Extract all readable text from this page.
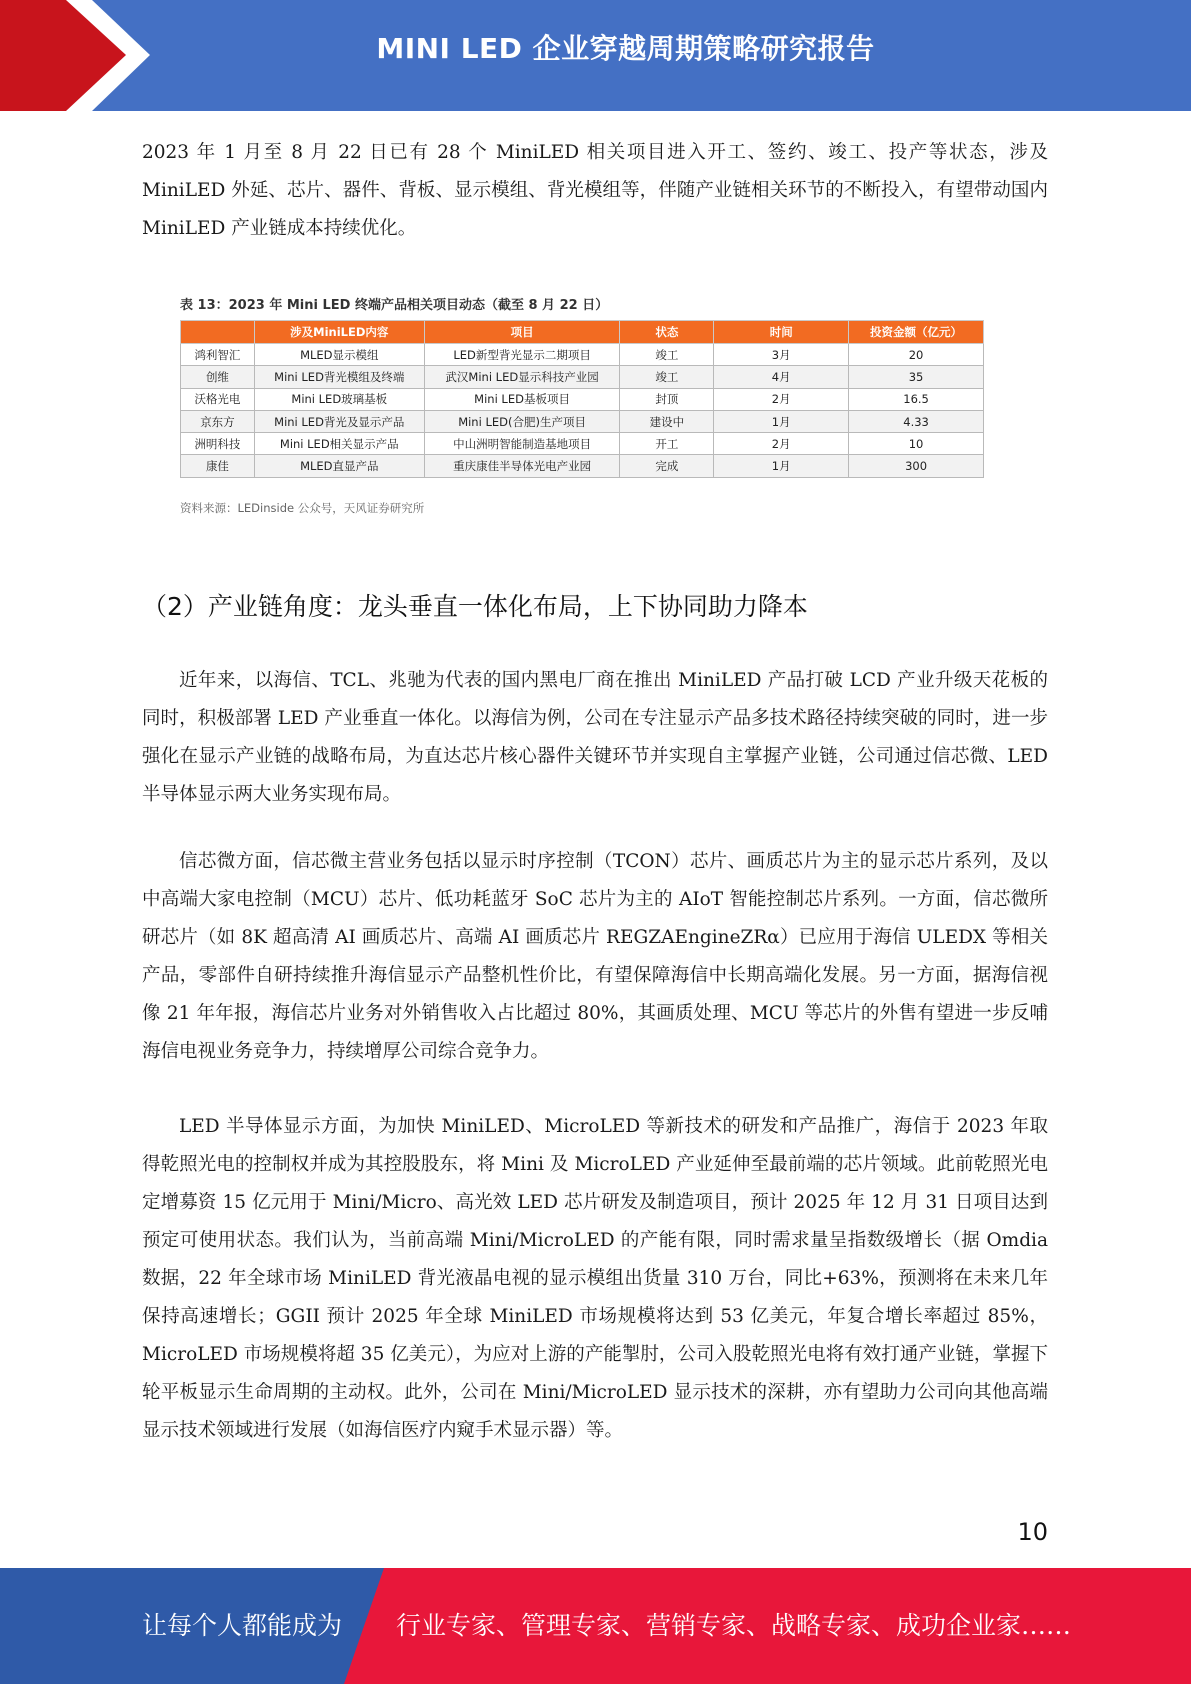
MINI LED 企业穿越周期策略研究报告

2023 年 1 月至 8 月 22 日已有 28 个 MiniLED 相关项目进入开工、签约、竣工、投产等状态，涉及 MiniLED 外延、芯片、器件、背板、显示模组、背光模组等，伴随产业链相关环节的不断投入，有望带动国内 MiniLED 产业链成本持续优化。

表 13：2023 年 Mini LED 终端产品相关项目动态（截至 8 月 22 日）
	涉及MiniLED内容	项目	状态	时间	投资金额（亿元）
鸿利智汇	MLED显示模组	LED新型背光显示二期项目	竣工	3月	20
创维	Mini LED背光模组及终端	武汉Mini LED显示科技产业园	竣工	4月	35
沃格光电	Mini LED玻璃基板	Mini LED基板项目	封顶	2月	16.5
京东方	Mini LED背光及显示产品	Mini LED(合肥)生产项目	建设中	1月	4.33
洲明科技	Mini LED相关显示产品	中山洲明智能制造基地项目	开工	2月	10
康佳	MLED直显产品	重庆康佳半导体光电产业园	完成	1月	300
资料来源：LEDinside 公众号，天风证券研究所
（2）产业链角度：龙头垂直一体化布局，上下协同助力降本

近年来，以海信、TCL、兆驰为代表的国内黑电厂商在推出 MiniLED 产品打破 LCD 产业升级天花板的同时，积极部署 LED 产业垂直一体化。以海信为例，公司在专注显示产品多技术路径持续突破的同时，进一步强化在显示产业链的战略布局，为直达芯片核心器件关键环节并实现自主掌握产业链，公司通过信芯微、LED 半导体显示两大业务实现布局。

信芯微方面，信芯微主营业务包括以显示时序控制（TCON）芯片、画质芯片为主的显示芯片系列，及以中高端大家电控制（MCU）芯片、低功耗蓝牙 SoC 芯片为主的 AIoT 智能控制芯片系列。一方面，信芯微所研芯片（如 8K 超高清 AI 画质芯片、高端 AI 画质芯片 REGZAEngineZRα）已应用于海信 ULEDX 等相关产品，零部件自研持续推升海信显示产品整机性价比，有望保障海信中长期高端化发展。另一方面，据海信视像 21 年年报，海信芯片业务对外销售收入占比超过 80%，其画质处理、MCU 等芯片的外售有望进一步反哺海信电视业务竞争力，持续增厚公司综合竞争力。

LED 半导体显示方面，为加快 MiniLED、MicroLED 等新技术的研发和产品推广，海信于 2023 年取得乾照光电的控制权并成为其控股股东，将 Mini 及 MicroLED 产业延伸至最前端的芯片领域。此前乾照光电定增募资 15 亿元用于 Mini/Micro、高光效 LED 芯片研发及制造项目，预计 2025 年 12 月 31 日项目达到预定可使用状态。我们认为，当前高端 Mini/MicroLED 的产能有限，同时需求量呈指数级增长（据 Omdia 数据，22 年全球市场 MiniLED 背光液晶电视的显示模组出货量 310 万台，同比+63%，预测将在未来几年保持高速增长；GGII 预计 2025 年全球 MiniLED 市场规模将达到 53 亿美元，年复合增长率超过 85%，MicroLED 市场规模将超 35 亿美元），为应对上游的产能掣肘，公司入股乾照光电将有效打通产业链，掌握下轮平板显示生命周期的主动权。此外，公司在 Mini/MicroLED 显示技术的深耕，亦有望助力公司向其他高端显示技术领域进行发展（如海信医疗内窥手术显示器）等。

10
让每个人都能成为 行业专家、管理专家、营销专家、战略专家、成功企业家……
